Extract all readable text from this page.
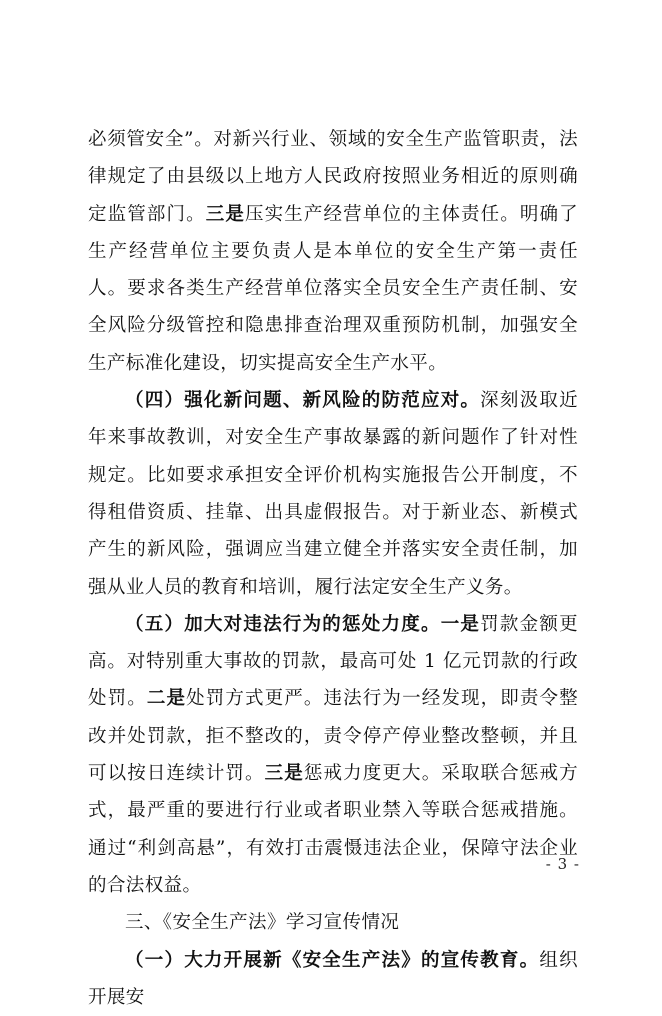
必须管安全”。对新兴行业、领域的安全生产监管职责，法律规定了由县级以上地方人民政府按照业务相近的原则确定监管部门。三是压实生产经营单位的主体责任。明确了生产经营单位主要负责人是本单位的安全生产第一责任人。要求各类生产经营单位落实全员安全生产责任制、安全风险分级管控和隐患排查治理双重预防机制，加强安全生产标准化建设，切实提高安全生产水平。

（四）强化新问题、新风险的防范应对。深刻汲取近年来事故教训，对安全生产事故暴露的新问题作了针对性规定。比如要求承担安全评价机构实施报告公开制度，不得租借资质、挂靠、出具虚假报告。对于新业态、新模式产生的新风险，强调应当建立健全并落实安全责任制，加强从业人员的教育和培训，履行法定安全生产义务。

（五）加大对违法行为的惩处力度。一是罚款金额更高。对特别重大事故的罚款，最高可处 1 亿元罚款的行政处罚。二是处罚方式更严。违法行为一经发现，即责令整改并处罚款，拒不整改的，责令停产停业整改整顿，并且可以按日连续计罚。三是惩戒力度更大。采取联合惩戒方式，最严重的要进行行业或者职业禁入等联合惩戒措施。通过“利剑高悬”，有效打击震慑违法企业，保障守法企业的合法权益。

三、《安全生产法》学习宣传情况

（一）大力开展新《安全生产法》的宣传教育。组织开展安

- 3 -
